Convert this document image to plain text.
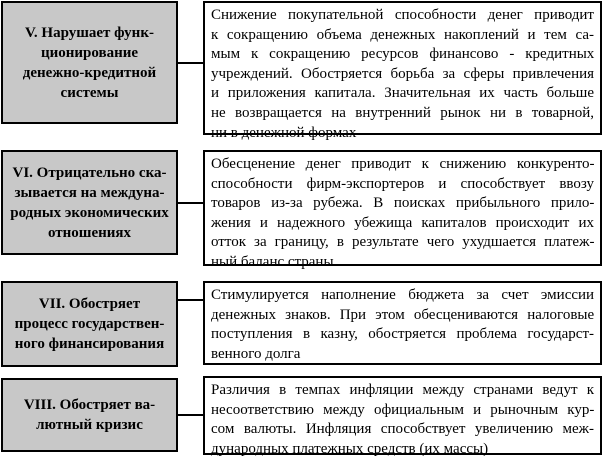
V. Нарушает функ-
ционирование
денежно-кредитной
системы
Снижение покупательной способности денег приводит
к сокращению объема денежных накоплений и тем са-
мым к сокращению ресурсов финансово - кредитных
учреждений. Обостряется борьба за сферы привлечения
и приложения капитала. Значительная их часть больше
не возвращается на внутренний рынок ни в товарной,
ни в денежной формах
VI. Отрицательно ска-
зывается на междуна-
родных экономических
отношениях
Обесценение денег приводит к снижению конкуренто-
способности фирм-экспортеров и способствует ввозу
товаров из-за рубежа. В поисках прибыльного прило-
жения и надежного убежища капиталов происходит их
отток за границу, в результате чего ухудшается платеж-
ный баланс страны
VII. Обостряет
процесс государствен-
ного финансирования
Стимулируется наполнение бюджета за счет эмиссии
денежных знаков. При этом обесцениваются налоговые
поступления в казну, обостряется проблема государст-
венного долга
VIII. Обостряет ва-
лютный кризис
Различия в темпах инфляции между странами ведут к
несоответствию между официальным и рыночным кур-
сом валюты. Инфляция способствует увеличению меж-
дународных платежных средств (их массы)
